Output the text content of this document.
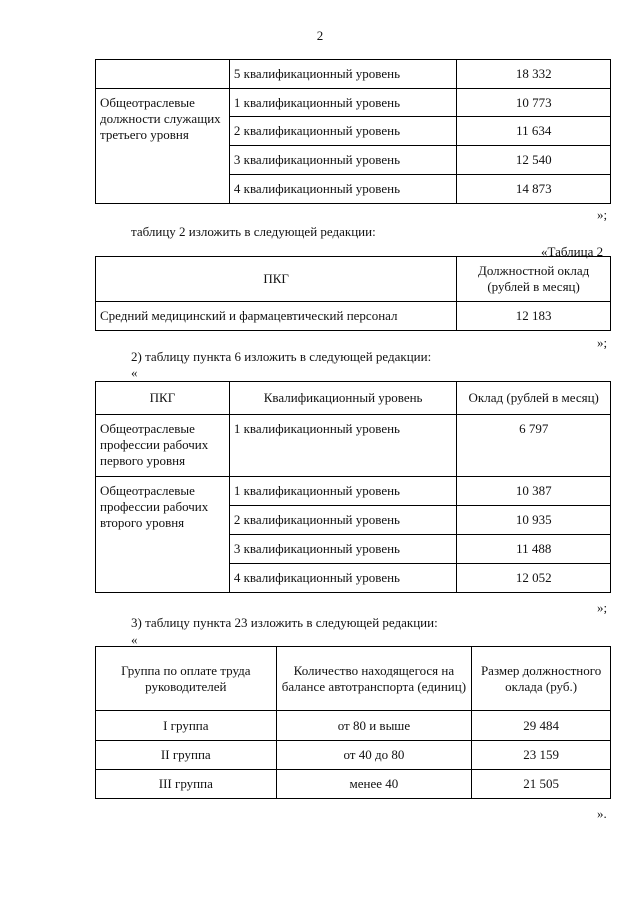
2
	5 квалификационный уровень	18 332
Общеотраслевые должности служащих третьего уровня	1 квалификационный уровень	10 773
	2 квалификационный уровень	11 634
	3 квалификационный уровень	12 540
	4 квалификационный уровень	14 873
»;
таблицу 2 изложить в следующей редакции:
«Таблица 2
ПКГ	Должностной оклад (рублей в месяц)
Средний медицинский и фармацевтический персонал	12 183
»;
2) таблицу пункта 6 изложить в следующей редакции:
«
ПКГ	Квалификационный уровень	Оклад (рублей в месяц)
Общеотраслевые профессии рабочих первого уровня	1 квалификационный уровень	6 797
Общеотраслевые профессии рабочих второго уровня	1 квалификационный уровень	10 387
	2 квалификационный уровень	10 935
	3 квалификационный уровень	11 488
	4 квалификационный уровень	12 052
»;
3) таблицу пункта 23 изложить в следующей редакции:
«
Группа по оплате труда руководителей	Количество находящегося на балансе автотранспорта (единиц)	Размер должностного оклада (руб.)
I группа	от 80 и выше	29 484
II группа	от 40 до 80	23 159
III группа	менее 40	21 505
».
